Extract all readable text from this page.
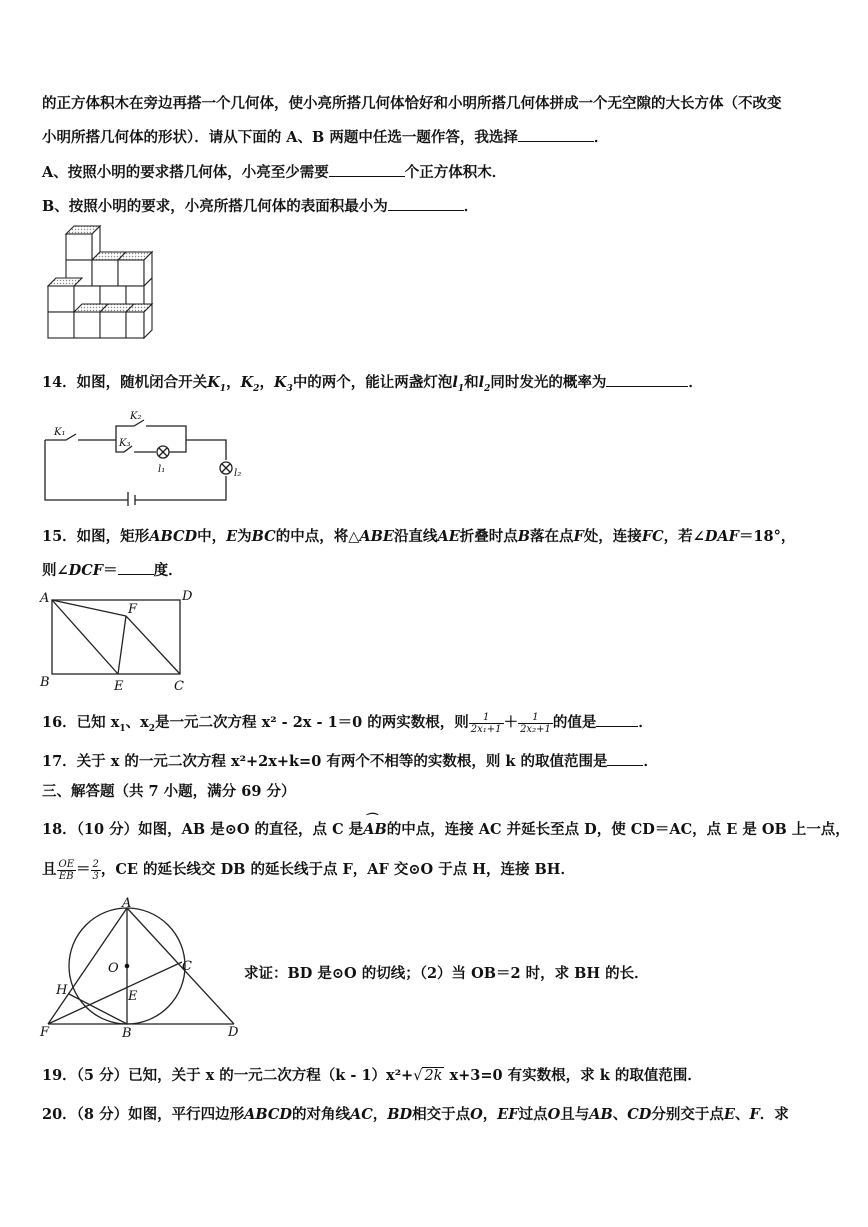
的正方体积木在旁边再搭一个几何体，使小亮所搭几何体恰好和小明所搭几何体拼成一个无空隙的大长方体（不改变
小明所搭几何体的形状）．请从下面的 A、B 两题中任选一题作答，我选择	．
A、按照小明的要求搭几何体，小亮至少需要	个正方体积木．
B、按照小明的要求，小亮所搭几何体的表面积最小为	．
14．如图，随机闭合开关$K_1$，$K_2$，$K_3$中的两个，能让两盏灯泡$l_1$和$l_2$同时发光的概率为	．
K₁
K₂
K₃
l₁	l₂
15．如图，矩形ABCD中，E为BC的中点，将△ABE沿直线AE折叠时点B落在点F处，连接FC，若∠DAF＝18°，
则∠DCF＝ 度．
A	D
F
B	E	C
16．已知 $x_1$、$x_2$是一元二次方程 x² - 2x - 1＝0 的两实数根，则 $\frac{1}{\text{2x₁+1}} + \frac{1}{\text{2x₂+1}}$ 的值是	．
17．关于 x 的一元二次方程 x²+2x+k=0 有两个不相等的实数根，则 k 的取值范围是 ．
三、解答题（共 7 小题，满分 69 分）
18．（10 分）如图，AB 是⊙O 的直径，点 C 是⌒ AB的中点，连接 AC 并延长至点 D，使 CD＝AC，点 E 是 OB 上一点，
且 $\frac{OE}{EB} = \frac{2}{3}$ ，CE 的延长线交 DB 的延长线于点 F，AF 交⊙O 于点 H，连接 BH．
A
O	C
H	E
F	B	D
求证：BD 是⊙O 的切线；（2）当 OB＝2 时，求 BH 的长．
19．（5 分）已知，关于 x 的一元二次方程（k - 1）x²+√ 2k x+3=0 有实数根，求 k 的取值范围．
20．（8 分）如图，平行四边形ABCD的对角线AC，BD相交于点O，EF过点O且与AB、CD分别交于点E、F．求
